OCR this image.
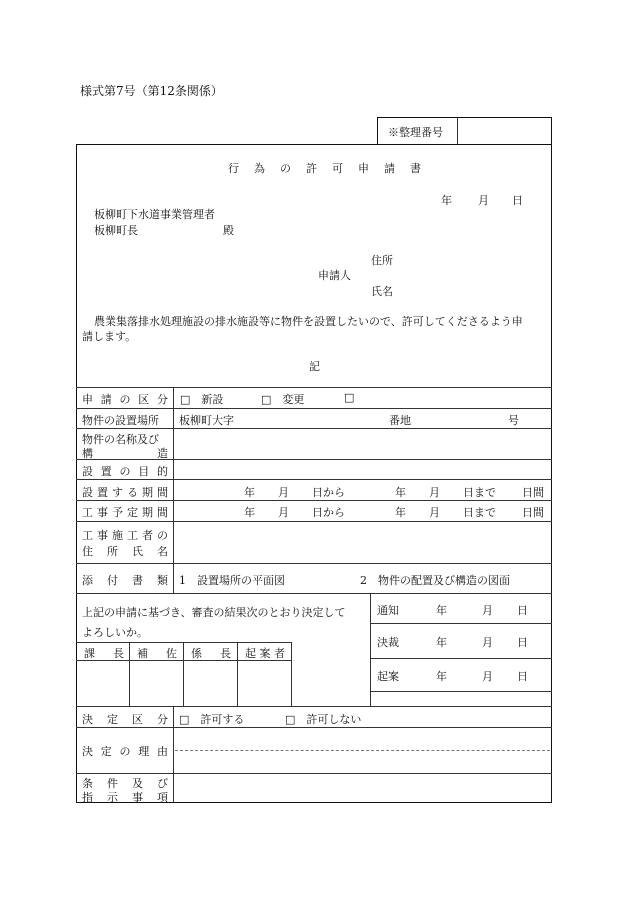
様式第7号（第12条関係）
※整理番号
行為の許可申請書
年 月 日
板柳町下水道事業管理者
板柳町長	殿
住所
申請人
氏名
農業集落排水処理施設の排水施設等に物件を設置したいので、許可してくださるよう申
請します。
記
申 請 の 区 分 □　新設	□　変更	□
物件の設置場所 板柳町大字	番地	号
物件の名称及び
構	造
設 置 の 目 的
設 置 す る 期 間	年 月 日から	年 月 日まで 日間
工 事 予 定 期 間	年 月 日から	年 月 日まで 日間
工 事 施 工 者 の
住 所 氏 名
添 付 書 類 1　設置場所の平面図	2　物件の配置及び構造の図面
上記の申請に基づき、審査の結果次のとおり決定して
よろしいか。
課 長 補 佐 係 長 起 案 者
通知	年	月 日
決裁	年	月 日
起案	年	月 日
決 定 区 分 □　許可する	□　許可しない
決 定 の 理 由
条 件 及 び
指 示 事 項
